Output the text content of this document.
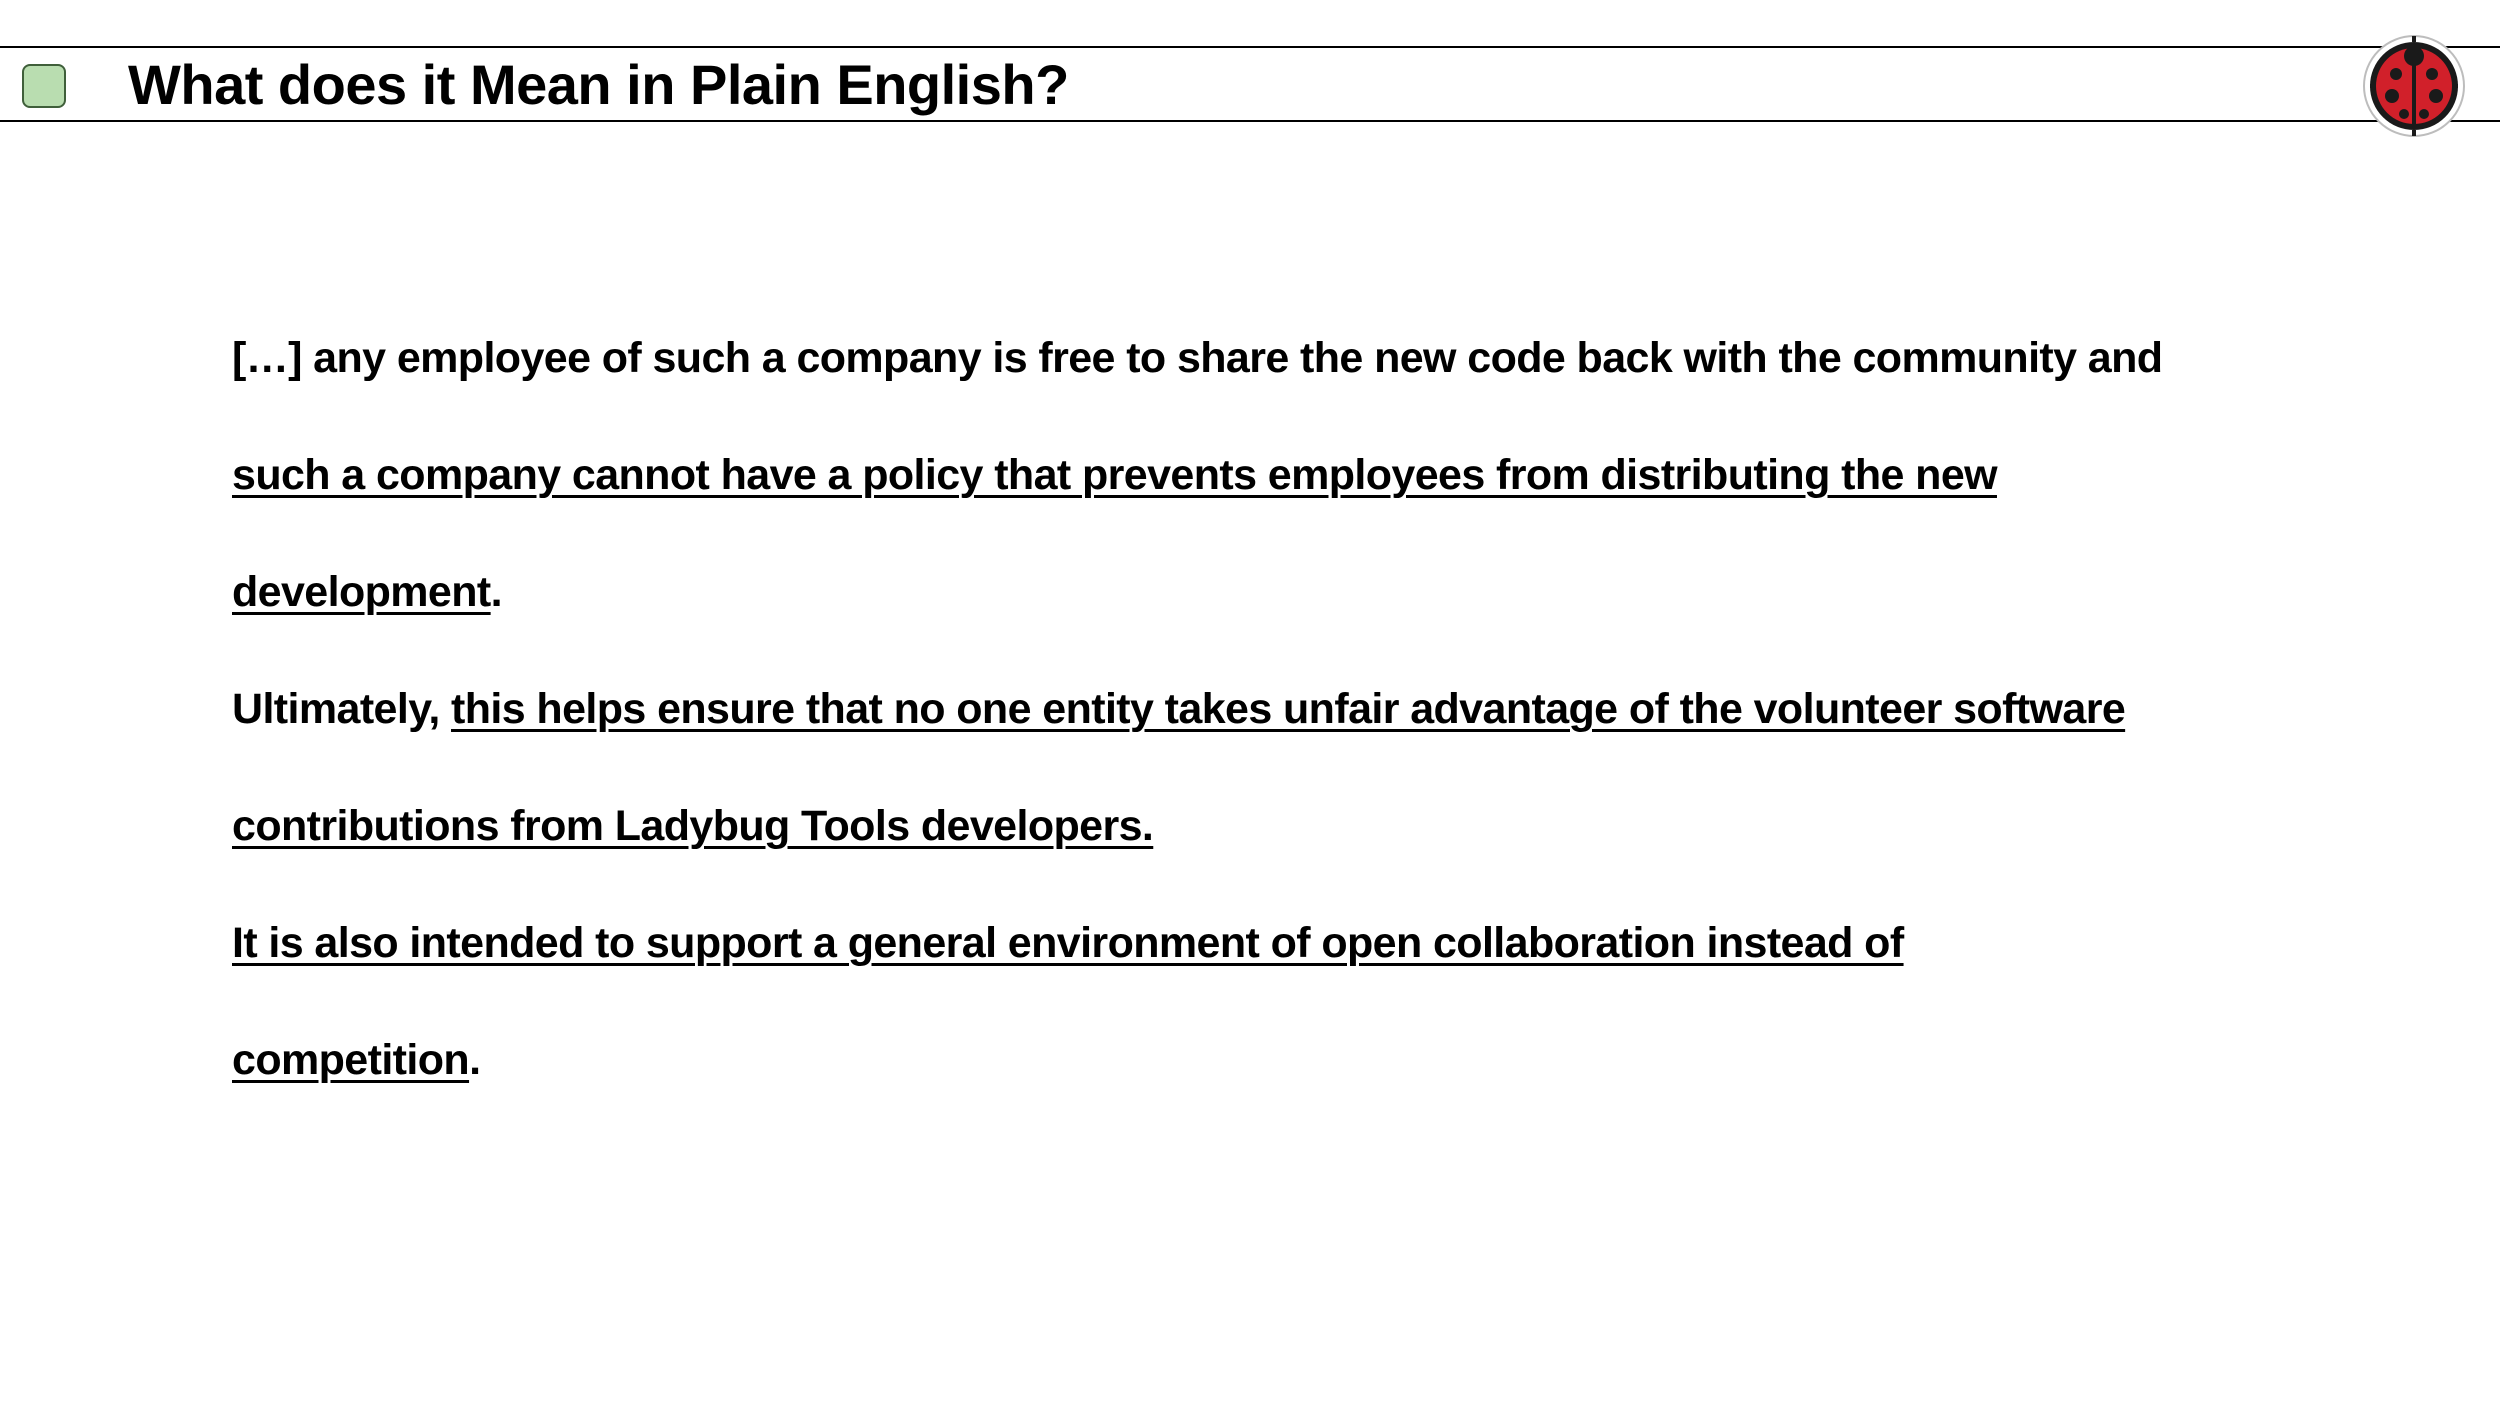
What does it Mean in Plain English?
[…] any employee of such a company is free to share the new code back with the community and
such a company cannot have a policy that prevents employees from distributing the new
development.
Ultimately, this helps ensure that no one entity takes unfair advantage of the volunteer software
contributions from Ladybug Tools developers.
It is also intended to support a general environment of open collaboration instead of
competition.
